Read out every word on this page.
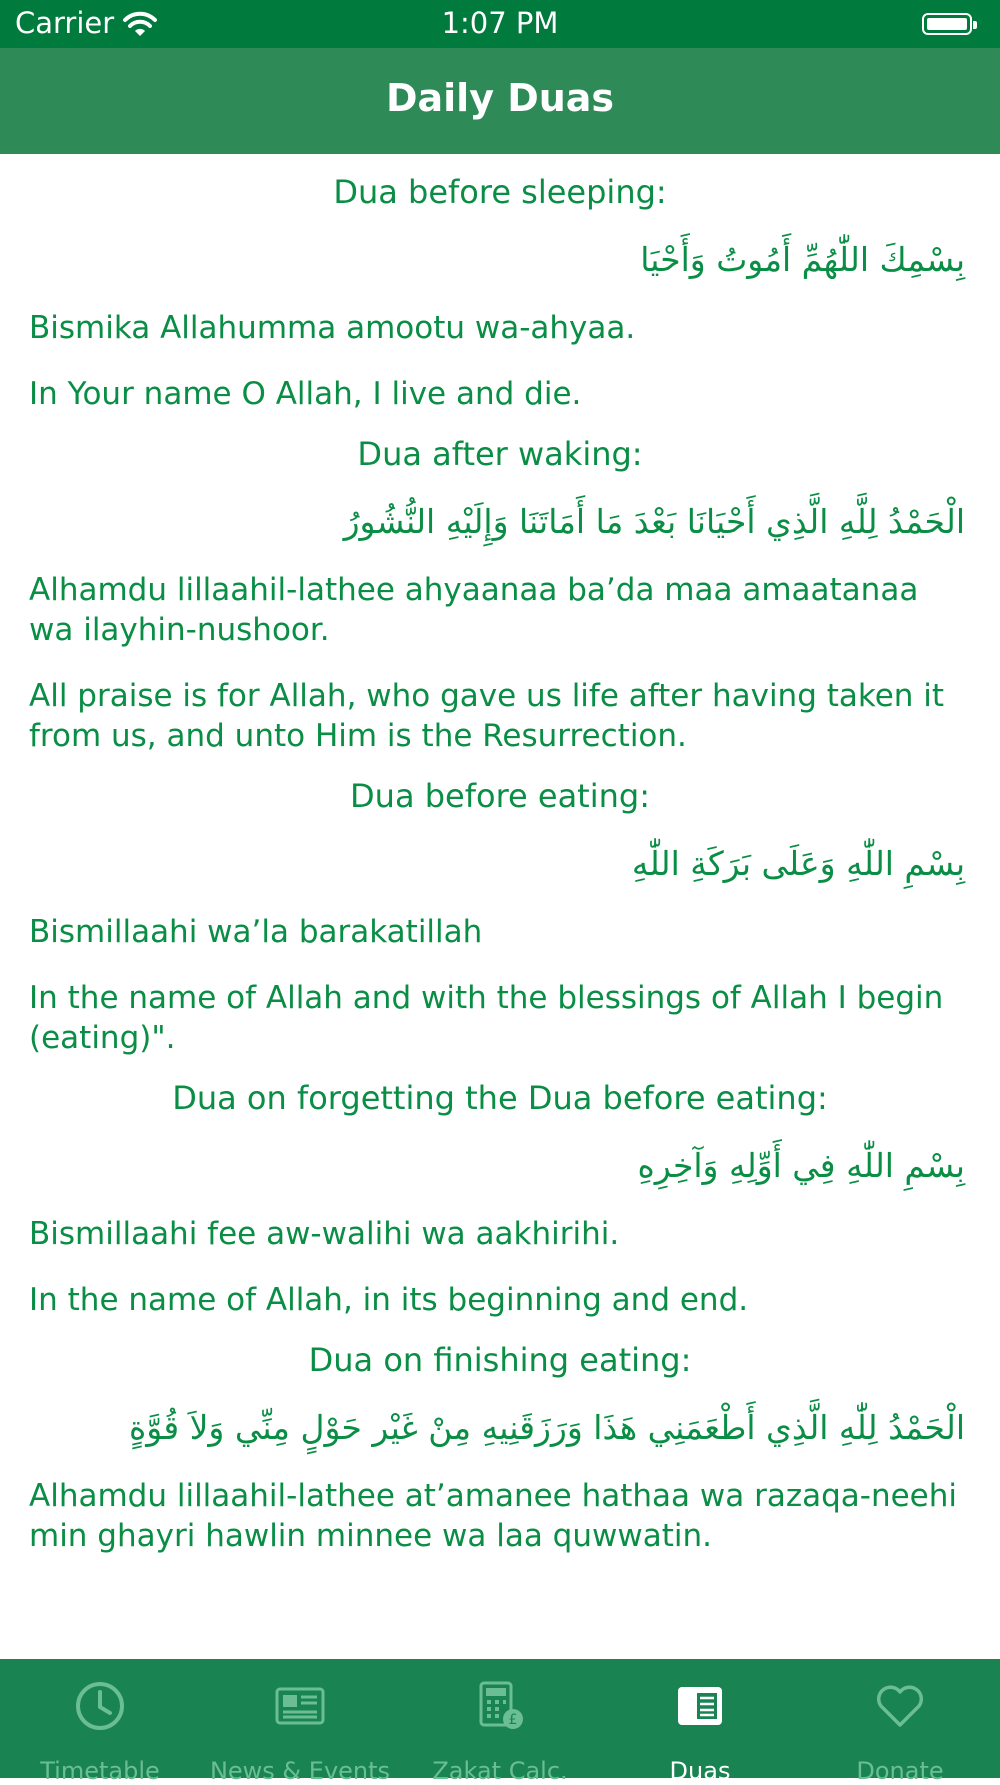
Carrier	1:07 PM
Daily Duas
Dua before sleeping:
بِسْمِكَ اللّٰهُمِّ أَمُوتُ وَأَحْيَا
Bismika Allahumma amootu wa-ahyaa.
In Your name O Allah, I live and die.
Dua after waking:
الْحَمْدُ لِلَّهِ الَّذِي أَحْيَانَا بَعْدَ مَا أَمَاتَنَا وَإِلَيْهِ النُّشُورُ
Alhamdu lillaahil-lathee ahyaanaa ba’da maa amaatanaa wa ilayhin-nushoor.
All praise is for Allah, who gave us life after having taken it from us, and unto Him is the Resurrection.
Dua before eating:
بِسْمِ اللّٰهِ وَعَلَى بَرَكَةِ اللّٰهِ
Bismillaahi wa’la barakatillah
In the name of Allah and with the blessings of Allah I begin (eating)".
Dua on forgetting the Dua before eating:
بِسْمِ اللّٰهِ فِي أَوِّلِهِ وَآخِرِهِ
Bismillaahi fee aw-walihi wa aakhirihi.
In the name of Allah, in its beginning and end.
Dua on finishing eating:
الْحَمْدُ لِلّٰهِ الَّذِي أَطْعَمَنِي هَذَا وَرَزَقَنِيهِ مِنْ غَيْر حَوْلٍ مِنِّي وَلاَ قُوَّةٍ
Alhamdu lillaahil-lathee at’amanee hathaa wa razaqa-neehi min ghayri hawlin minnee wa laa quwwatin.
Timetable	News & Events
£
Zakat Calc.	Duas	Donate
